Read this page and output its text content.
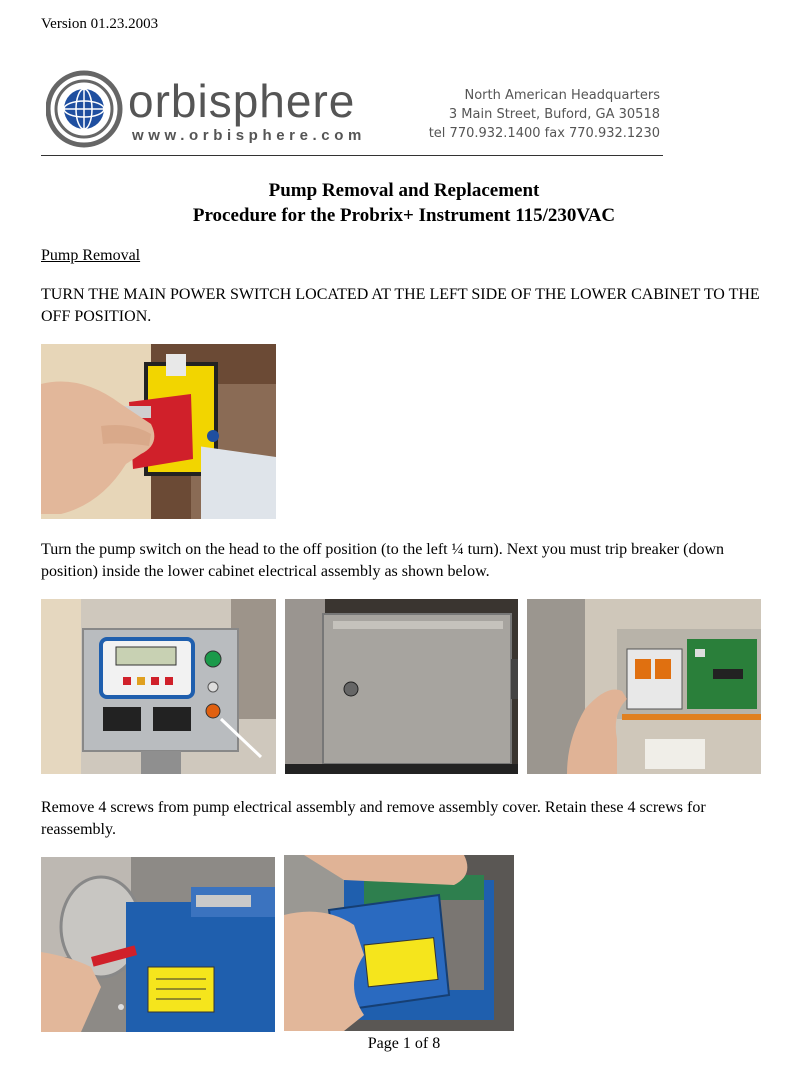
Version 01.23.2003
orbisphere
www.orbisphere.com
North American Headquarters
3 Main Street, Buford, GA 30518
tel 770.932.1400 fax 770.932.1230
Pump Removal and Replacement
Procedure for the Probrix+ Instrument 115/230VAC
Pump Removal
TURN THE MAIN POWER SWITCH LOCATED AT THE LEFT SIDE OF THE LOWER CABINET TO THE OFF POSITION.
Turn the pump switch on the head to the off position (to the left ¼ turn). Next you must trip breaker (down position) inside the lower cabinet electrical assembly as shown below.
Remove 4 screws from pump electrical assembly and remove assembly cover. Retain these 4 screws for reassembly.
Page 1 of 8
